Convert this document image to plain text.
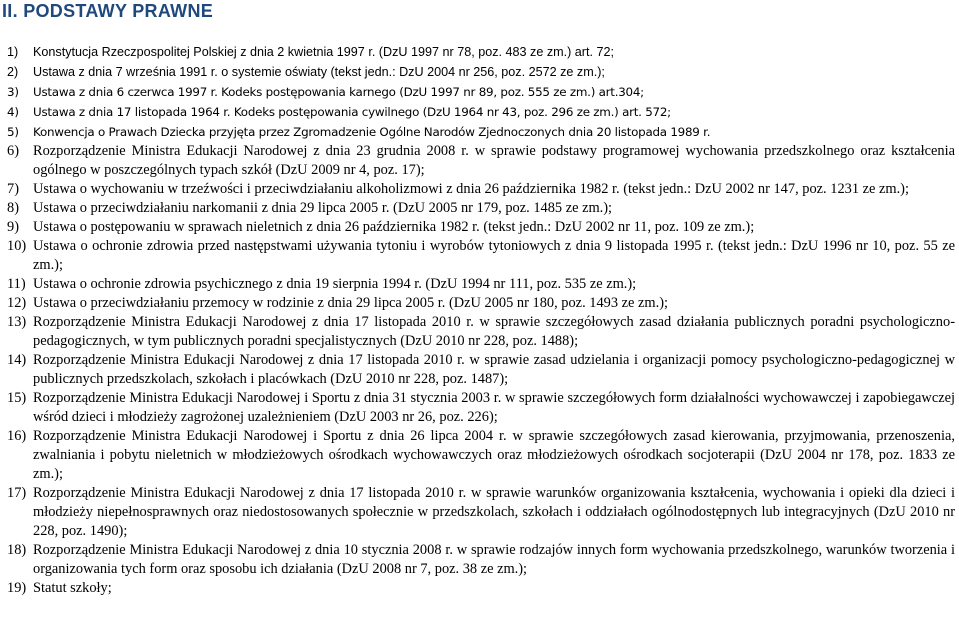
II. PODSTAWY PRAWNE
1) Konstytucja Rzeczpospolitej Polskiej z dnia 2 kwietnia 1997 r. (DzU 1997 nr 78, poz. 483 ze zm.) art. 72;
2) Ustawa z dnia 7 września 1991 r. o systemie oświaty (tekst jedn.: DzU 2004 nr 256, poz. 2572 ze zm.);
3) Ustawa z dnia 6 czerwca 1997 r. Kodeks postępowania karnego (DzU 1997 nr 89, poz. 555 ze zm.) art.304;
4) Ustawa z dnia 17 listopada 1964 r. Kodeks postępowania cywilnego (DzU 1964 nr 43, poz. 296 ze zm.) art. 572;
5) Konwencja o Prawach Dziecka przyjęta przez Zgromadzenie Ogólne Narodów Zjednoczonych dnia 20 listopada 1989 r.
6) Rozporządzenie Ministra Edukacji Narodowej z dnia 23 grudnia 2008 r. w sprawie podstawy programowej wychowania przedszkolnego oraz kształcenia ogólnego w poszczególnych typach szkół (DzU 2009 nr 4, poz. 17);
7) Ustawa o wychowaniu w trzeźwości i przeciwdziałaniu alkoholizmowi z dnia 26 października 1982 r. (tekst jedn.: DzU 2002 nr 147, poz. 1231 ze zm.);
8) Ustawa o przeciwdziałaniu narkomanii z dnia 29 lipca 2005 r. (DzU 2005 nr 179, poz. 1485 ze zm.);
9) Ustawa o postępowaniu w sprawach nieletnich z dnia 26 października 1982 r. (tekst jedn.: DzU 2002 nr 11, poz. 109 ze zm.);
10) Ustawa o ochronie zdrowia przed następstwami używania tytoniu i wyrobów tytoniowych z dnia 9 listopada 1995 r. (tekst jedn.: DzU 1996 nr 10, poz. 55 ze zm.);
11) Ustawa o ochronie zdrowia psychicznego z dnia 19 sierpnia 1994 r. (DzU 1994 nr 111, poz. 535 ze zm.);
12) Ustawa o przeciwdziałaniu przemocy w rodzinie z dnia 29 lipca 2005 r. (DzU 2005 nr 180, poz. 1493 ze zm.);
13) Rozporządzenie Ministra Edukacji Narodowej z dnia 17 listopada 2010 r. w sprawie szczegółowych zasad działania publicznych poradni psychologiczno-pedagogicznych, w tym publicznych poradni specjalistycznych (DzU 2010 nr 228, poz. 1488);
14) Rozporządzenie Ministra Edukacji Narodowej z dnia 17 listopada 2010 r. w sprawie zasad udzielania i organizacji pomocy psychologiczno-pedagogicznej w publicznych przedszkolach, szkołach i placówkach (DzU 2010 nr 228, poz. 1487);
15) Rozporządzenie Ministra Edukacji Narodowej i Sportu z dnia 31 stycznia 2003 r. w sprawie szczegółowych form działalności wychowawczej i zapobiegawczej wśród dzieci i młodzieży zagrożonej uzależnieniem (DzU 2003 nr 26, poz. 226);
16) Rozporządzenie Ministra Edukacji Narodowej i Sportu z dnia 26 lipca 2004 r. w sprawie szczegółowych zasad kierowania, przyjmowania, przenoszenia, zwalniania i pobytu nieletnich w młodzieżowych ośrodkach wychowawczych oraz młodzieżowych ośrodkach socjoterapii (DzU 2004 nr 178, poz. 1833 ze zm.);
17) Rozporządzenie Ministra Edukacji Narodowej z dnia 17 listopada 2010 r. w sprawie warunków organizowania kształcenia, wychowania i opieki dla dzieci i młodzieży niepełnosprawnych oraz niedostosowanych społecznie w przedszkolach, szkołach i oddziałach ogólnodostępnych lub integracyjnych (DzU 2010 nr 228, poz. 1490);
18) Rozporządzenie Ministra Edukacji Narodowej z dnia 10 stycznia 2008 r. w sprawie rodzajów innych form wychowania przedszkolnego, warunków tworzenia i organizowania tych form oraz sposobu ich działania (DzU 2008 nr 7, poz. 38 ze zm.);
19) Statut szkoły;
